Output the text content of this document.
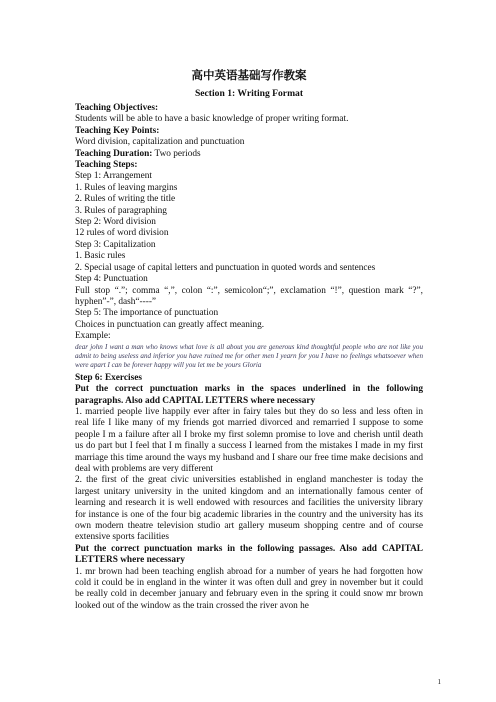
高中英语基础写作教案
Section 1: Writing Format
Teaching Objectives:
Students will be able to have a basic knowledge of proper writing format.
Teaching Key Points:
Word division, capitalization and punctuation
Teaching Duration: Two periods
Teaching Steps:
Step 1: Arrangement
1. Rules of leaving margins
2. Rules of writing the title
3. Rules of paragraphing
Step 2: Word division
12 rules of word division
Step 3: Capitalization
1. Basic rules
2. Special usage of capital letters and punctuation in quoted words and sentences
Step 4: Punctuation
Full stop “.”; comma “,”, colon “:”, semicolon“;”, exclamation “!”, question mark “?”, hyphen”-”, dash“----”
Step 5: The importance of punctuation
Choices in punctuation can greatly affect meaning.
Example:
dear john I want a man who knows what love is all about you are generous kind thoughtful people who are not like you admit to being useless and inferior you have ruined me for other men I yearn for you I have no feelings whatsoever when were apart I can be forever happy will you let me be yours Gloria
Step 6: Exercises
Put the correct punctuation marks in the spaces underlined in the following paragraphs. Also add CAPITAL LETTERS where necessary
1. married people live happily ever after in fairy tales but they do so less and less often in real life I like many of my friends got married divorced and remarried I suppose to some people I m a failure after all I broke my first solemn promise to love and cherish until death us do part but I feel that I m finally a success I learned from the mistakes I made in my first marriage this time around the ways my husband and I share our free time make decisions and deal with problems are very different
2. the first of the great civic universities established in england manchester is today the largest unitary university in the united kingdom and an internationally famous center of learning and research it is well endowed with resources and facilities the university library for instance is one of the four big academic libraries in the country and the university has its own modern theatre television studio art gallery museum shopping centre and of course extensive sports facilities
Put the correct punctuation marks in the following passages. Also add CAPITAL LETTERS where necessary
1. mr brown had been teaching english abroad for a number of years he had forgotten how cold it could be in england in the winter it was often dull and grey in november but it could be really cold in december january and february even in the spring it could snow mr brown looked out of the window as the train crossed the river avon he
1
